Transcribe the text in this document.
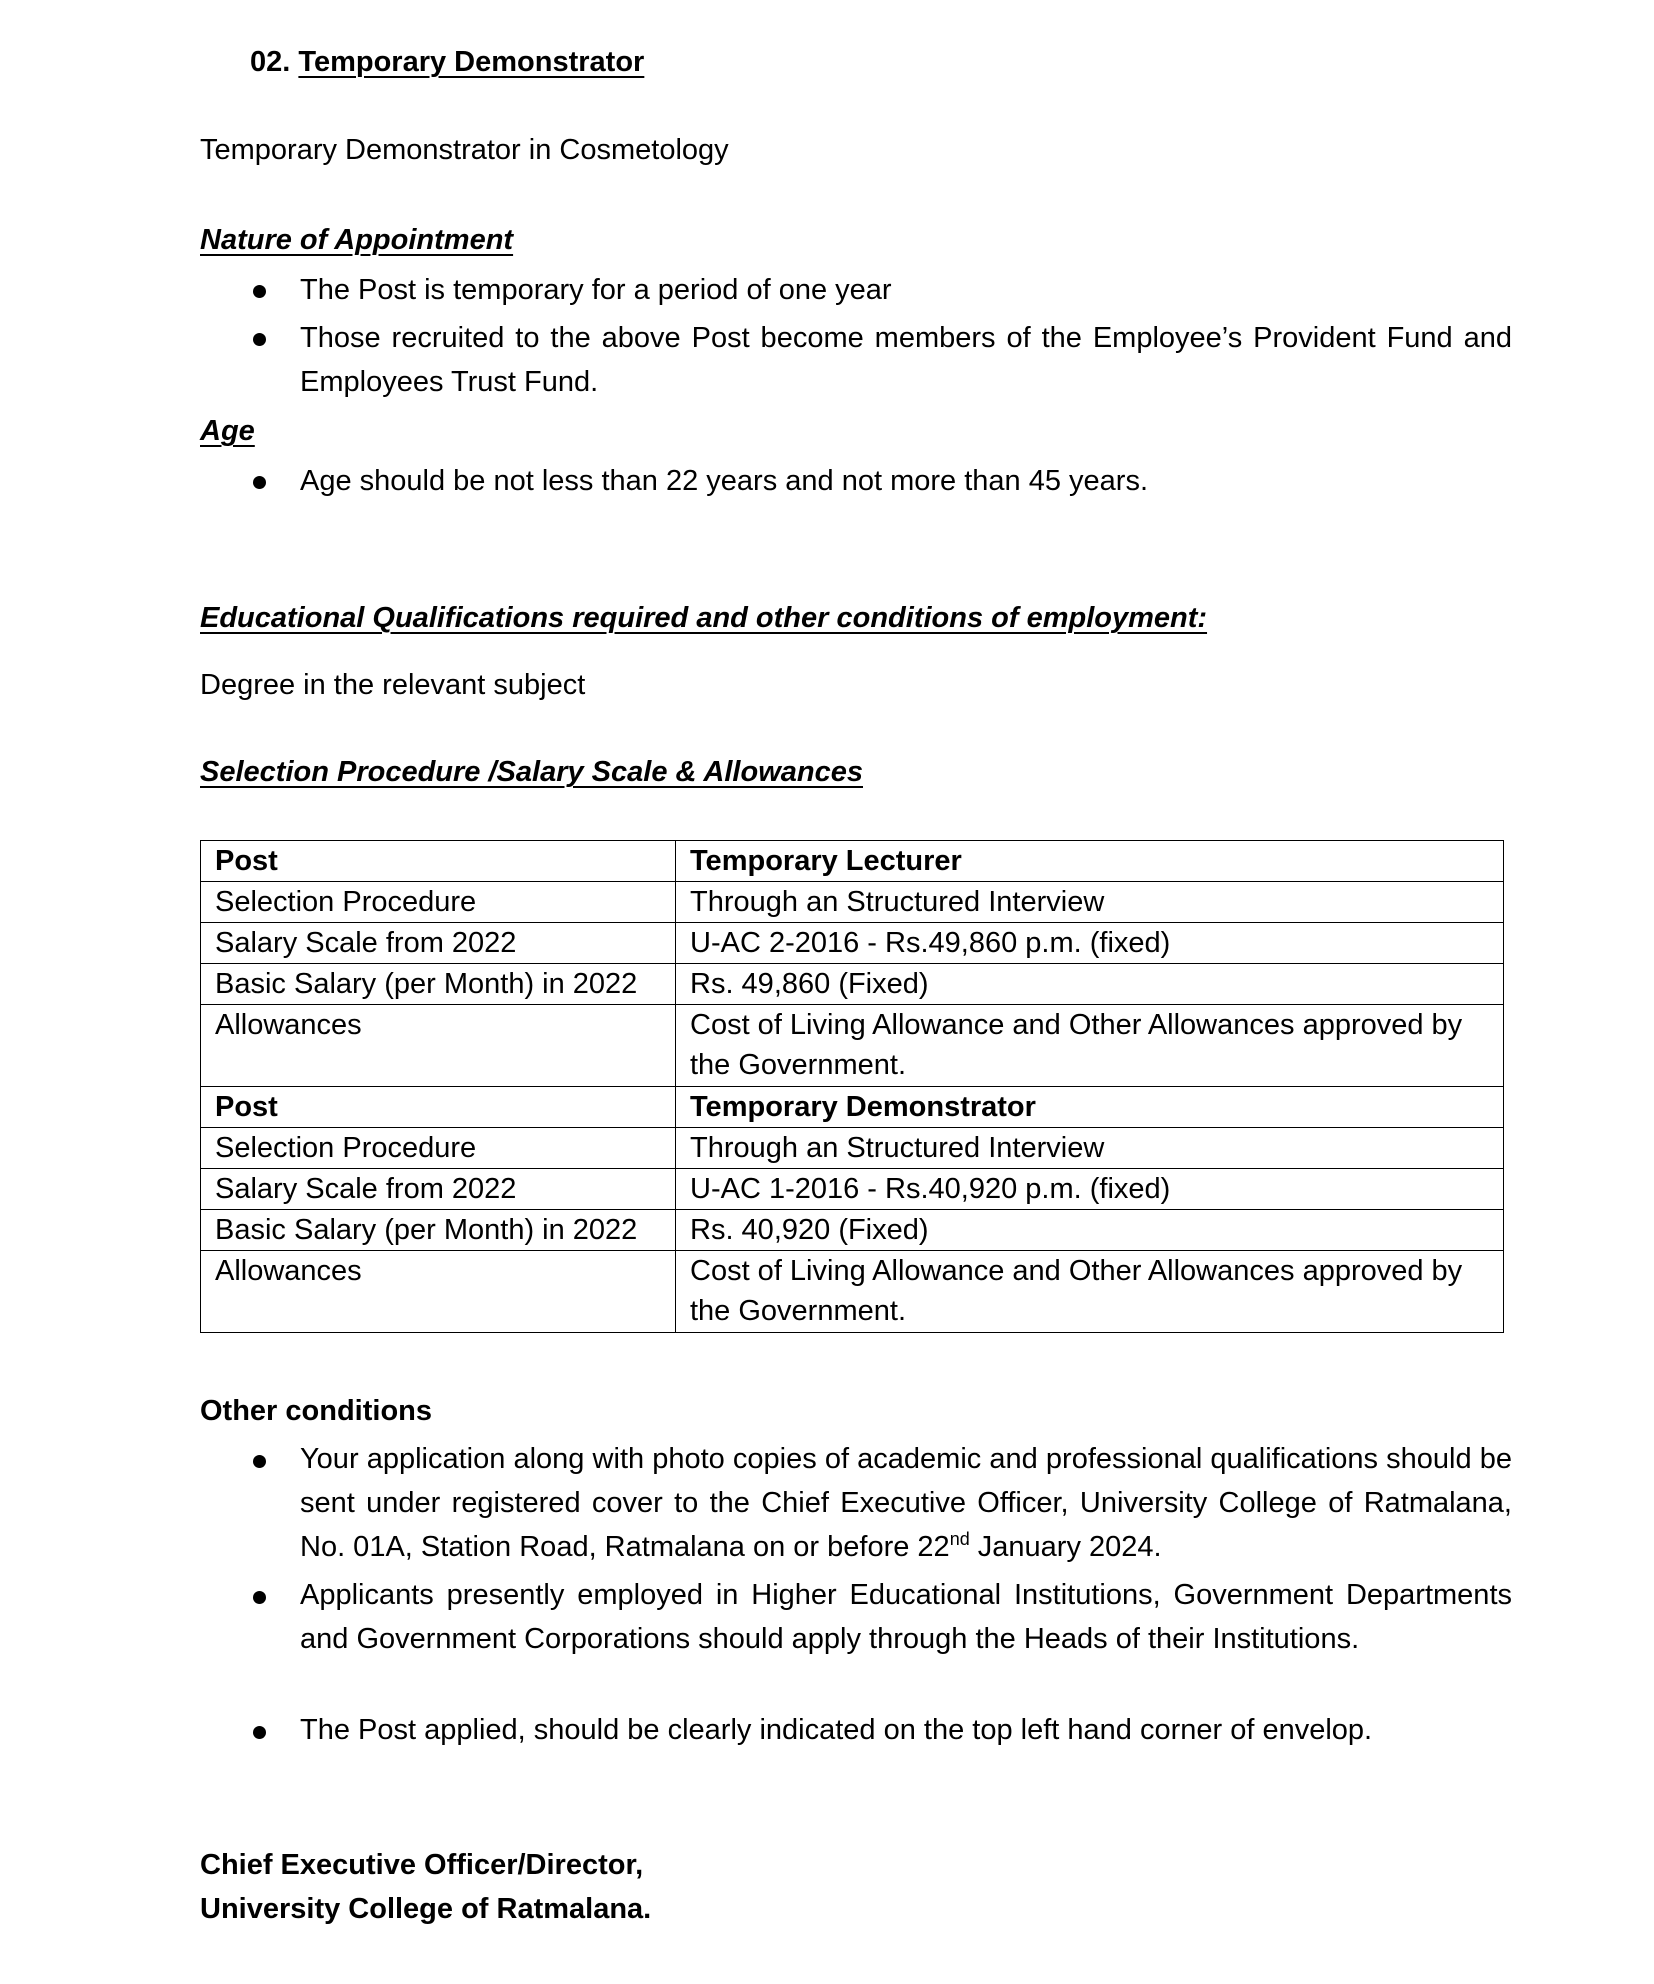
02. Temporary Demonstrator
Temporary Demonstrator in Cosmetology
Nature of Appointment
The Post is temporary for a period of one year
Those recruited to the above Post become members of the Employee’s Provident Fund and Employees Trust Fund.
Age
Age should be not less than 22 years and not more than 45 years.
Educational Qualifications required and other conditions of employment:
Degree in the relevant subject
Selection Procedure /Salary Scale & Allowances
Post	Temporary Lecturer
Selection Procedure	Through an Structured Interview
Salary Scale from 2022	U-AC 2-2016 - Rs.49,860 p.m. (fixed)
Basic Salary (per Month) in 2022	Rs. 49,860 (Fixed)
Allowances	Cost of Living Allowance and Other Allowances approved by the Government.
Post	Temporary Demonstrator
Selection Procedure	Through an Structured Interview
Salary Scale from 2022	U-AC 1-2016 - Rs.40,920 p.m. (fixed)
Basic Salary (per Month) in 2022	Rs. 40,920 (Fixed)
Allowances	Cost of Living Allowance and Other Allowances approved by the Government.
Other conditions
Your application along with photo copies of academic and professional qualifications should be sent under registered cover to the Chief Executive Officer, University College of Ratmalana, No. 01A, Station Road, Ratmalana on or before 22nd January 2024.
Applicants presently employed in Higher Educational Institutions, Government Departments and Government Corporations should apply through the Heads of their Institutions.
The Post applied, should be clearly indicated on the top left hand corner of envelop.
Chief Executive Officer/Director,
University College of Ratmalana.
